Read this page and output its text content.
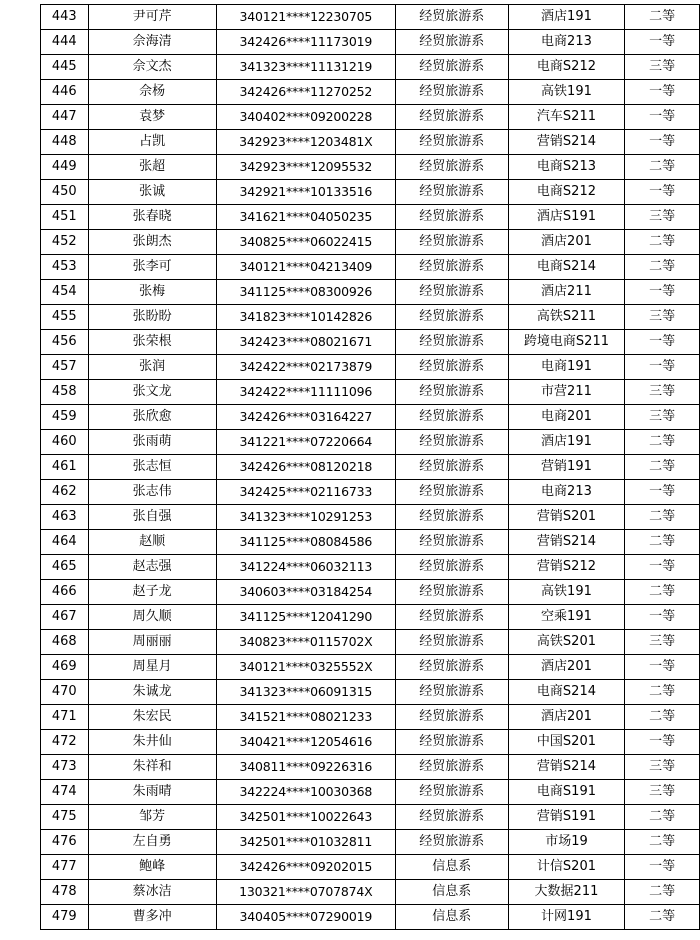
443	尹可芹	340121****12230705	经贸旅游系	酒店191	二等
444	佘海清	342426****11173019	经贸旅游系	电商213	一等
445	佘文杰	341323****11131219	经贸旅游系	电商S212	三等
446	佘杨	342426****11270252	经贸旅游系	高铁191	一等
447	袁梦	340402****09200228	经贸旅游系	汽车S211	一等
448	占凯	342923****1203481X	经贸旅游系	营销S214	一等
449	张超	342923****12095532	经贸旅游系	电商S213	二等
450	张诚	342921****10133516	经贸旅游系	电商S212	一等
451	张春晓	341621****04050235	经贸旅游系	酒店S191	三等
452	张朗杰	340825****06022415	经贸旅游系	酒店201	二等
453	张李可	340121****04213409	经贸旅游系	电商S214	二等
454	张梅	341125****08300926	经贸旅游系	酒店211	一等
455	张盼盼	341823****10142826	经贸旅游系	高铁S211	三等
456	张荣根	342423****08021671	经贸旅游系	跨境电商S211	一等
457	张润	342422****02173879	经贸旅游系	电商191	一等
458	张文龙	342422****11111096	经贸旅游系	市营211	三等
459	张欣愈	342426****03164227	经贸旅游系	电商201	三等
460	张雨萌	341221****07220664	经贸旅游系	酒店191	二等
461	张志恒	342426****08120218	经贸旅游系	营销191	二等
462	张志伟	342425****02116733	经贸旅游系	电商213	一等
463	张自强	341323****10291253	经贸旅游系	营销S201	二等
464	赵顺	341125****08084586	经贸旅游系	营销S214	二等
465	赵志强	341224****06032113	经贸旅游系	营销S212	一等
466	赵子龙	340603****03184254	经贸旅游系	高铁191	二等
467	周久顺	341125****12041290	经贸旅游系	空乘191	一等
468	周丽丽	340823****0115702X	经贸旅游系	高铁S201	三等
469	周星月	340121****0325552X	经贸旅游系	酒店201	一等
470	朱诚龙	341323****06091315	经贸旅游系	电商S214	二等
471	朱宏民	341521****08021233	经贸旅游系	酒店201	二等
472	朱井仙	340421****12054616	经贸旅游系	中国S201	一等
473	朱祥和	340811****09226316	经贸旅游系	营销S214	三等
474	朱雨晴	342224****10030368	经贸旅游系	电商S191	三等
475	邹芳	342501****10022643	经贸旅游系	营销S191	二等
476	左自勇	342501****01032811	经贸旅游系	市场19	二等
477	鲍峰	342426****09202015	信息系	计信S201	一等
478	蔡冰洁	130321****0707874X	信息系	大数据211	二等
479	曹多冲	340405****07290019	信息系	计网191	二等
